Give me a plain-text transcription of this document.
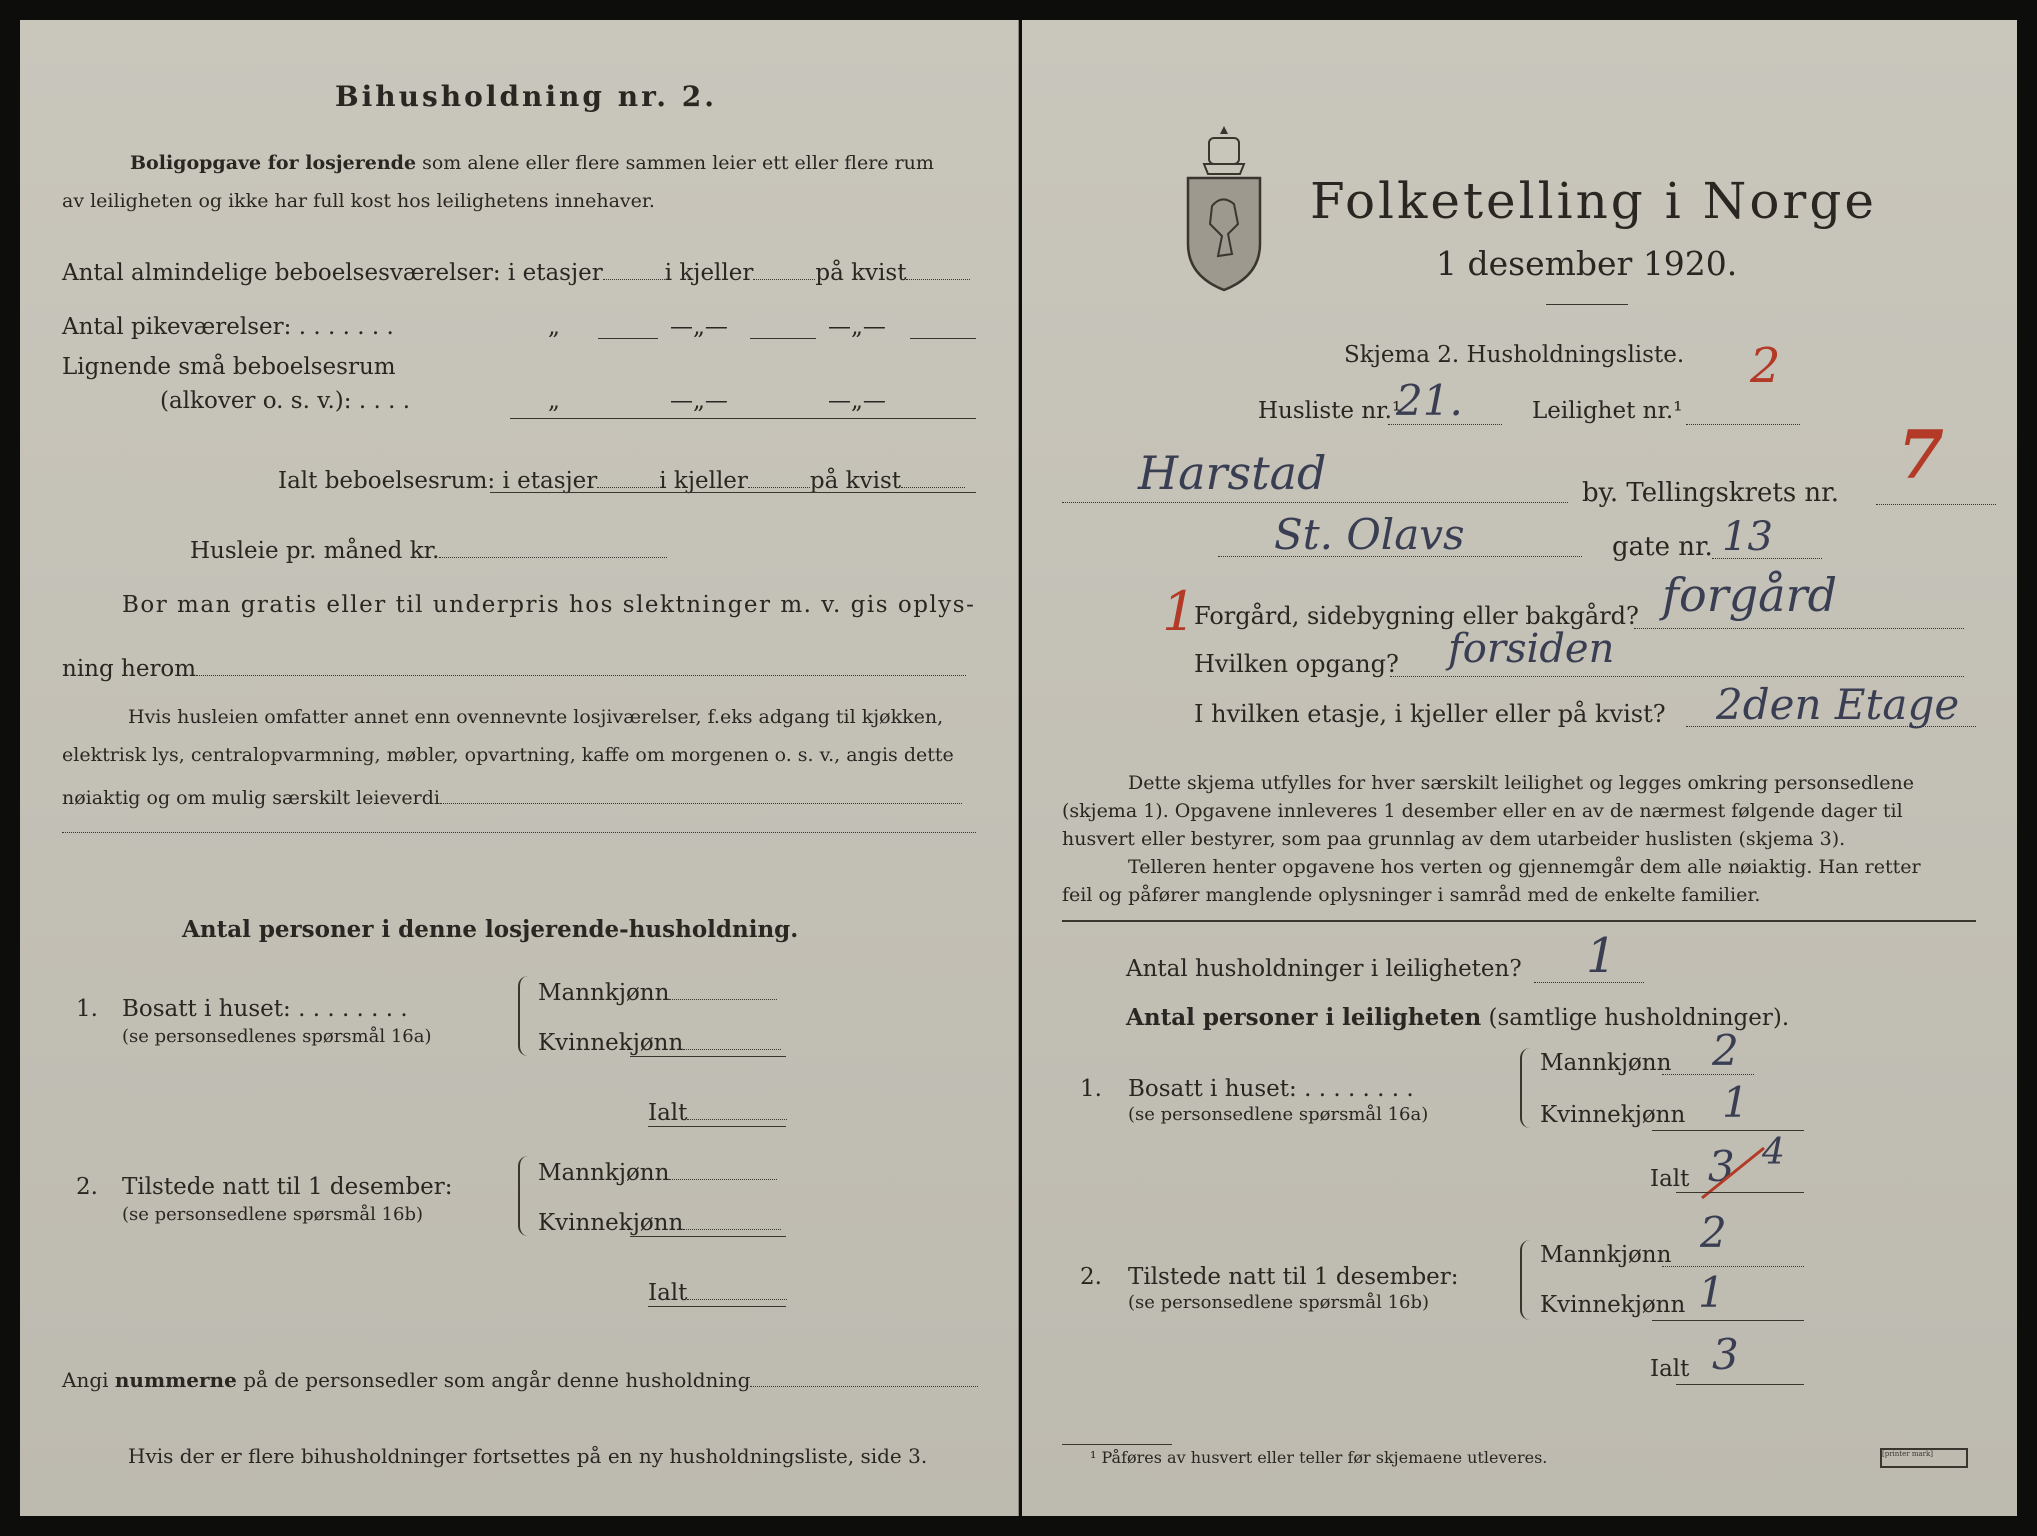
Bihusholdning nr. 2.
Boligopgave for losjerende som alene eller flere sammen leier ett eller flere rum
av leiligheten og ikke har full kost hos leilighetens innehaver.
Antal almindelige beboelsesværelser: i etasjer	i kjeller	på kvist
Antal pikeværelser: . . . . . . .	„	—„—	—„—
Lignende små beboelsesrum
(alkover o. s. v.): . . . .	„	—„—	—„—
Ialt beboelsesrum: i etasjer	i kjeller	på kvist
Husleie pr. måned kr.
Bor man gratis eller til underpris hos slektninger m. v. gis oplys-
ning herom
Hvis husleien omfatter annet enn ovennevnte losjiværelser, f.eks adgang til kjøkken,
elektrisk lys, centralopvarmning, møbler, opvartning, kaffe om morgenen o. s. v., angis dette
nøiaktig og om mulig særskilt leieverdi
Antal personer i denne losjerende-husholdning.
1. Bosatt i huset: . . . . . . . .
(se personsedlenes spørsmål 16a)
Mannkjønn
Kvinnekjønn
Ialt
2. Tilstede natt til 1 desember:
(se personsedlene spørsmål 16b)
Mannkjønn
Kvinnekjønn
Ialt
Angi nummerne på de personsedler som angår denne husholdning
Hvis der er flere bihusholdninger fortsettes på en ny husholdningsliste, side 3.
Folketelling i Norge
1 desember 1920.
Skjema 2. Husholdningsliste. 2
Husliste nr.¹
21.	Leilighet nr.¹
Harstad	by. Tellingskrets nr. 7
St. Olavs	gate nr. 13
1
Forgård, sidebygning eller bakgård? forgård
Hvilken opgang? forsiden
I hvilken etasje, i kjeller eller på kvist? 2den Etage
Dette skjema utfylles for hver særskilt leilighet og legges omkring personsedlene
(skjema 1). Opgavene innleveres 1 desember eller en av de nærmest følgende dager til
husvert eller bestyrer, som paa grunnlag av dem utarbeider huslisten (skjema 3).
Telleren henter opgavene hos verten og gjennemgår dem alle nøiaktig. Han retter
feil og påfører manglende oplysninger i samråd med de enkelte familier.
Antal husholdninger i leiligheten? 1
Antal personer i leiligheten (samtlige husholdninger).
1. Bosatt i huset: . . . . . . . .
(se personsedlene spørsmål 16a)
Mannkjønn 2
Kvinnekjønn 1
Ialt 3 4
2. Tilstede natt til 1 desember:
(se personsedlene spørsmål 16b)
Mannkjønn 2
Kvinnekjønn 1
Ialt 3
¹ Påføres av husvert eller teller før skjemaene utleveres.	[printer mark]
